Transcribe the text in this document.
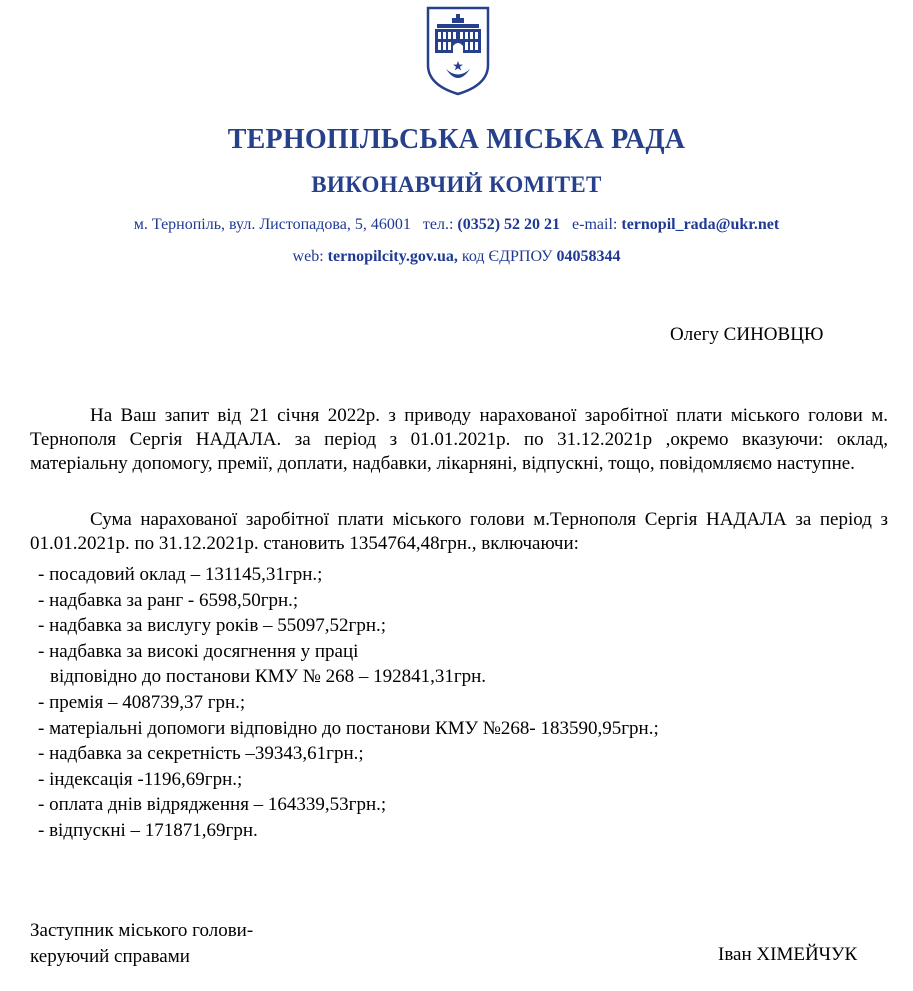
ТЕРНОПІЛЬСЬКА МІСЬКА РАДА
ВИКОНАВЧИЙ КОМІТЕТ
м. Тернопіль, вул. Листопадова, 5, 46001 тел.: (0352) 52 20 21 e-mail: ternopil_rada@ukr.net
web: ternopilcity.gov.ua, код ЄДРПОУ 04058344
Олегу СИНОВЦЮ
На Ваш запит від 21 січня 2022р. з приводу нарахованої заробітної плати міського голови м. Тернополя Сергія НАДАЛА. за період з 01.01.2021р. по 31.12.2021р ,окремо вказуючи: оклад, матеріальну допомогу, премії, доплати, надбавки, лікарняні, відпускні, тощо, повідомляємо наступне.
Сума нарахованої заробітної плати міського голови м.Тернополя Сергія НАДАЛА за період з 01.01.2021р. по 31.12.2021р. становить 1354764,48грн., включаючи:
- посадовий оклад – 131145,31грн.;
- надбавка за ранг - 6598,50грн.;
- надбавка за вислугу років – 55097,52грн.;
- надбавка за високі досягнення у праці
відповідно до постанови КМУ № 268 – 192841,31грн.
- премія – 408739,37 грн.;
- матеріальні допомоги відповідно до постанови КМУ №268- 183590,95грн.;
- надбавка за секретність –39343,61грн.;
- індексація -1196,69грн.;
- оплата днів відрядження – 164339,53грн.;
- відпускні – 171871,69грн.
Заступник міського голови-
керуючий справами	Іван ХІМЕЙЧУК
